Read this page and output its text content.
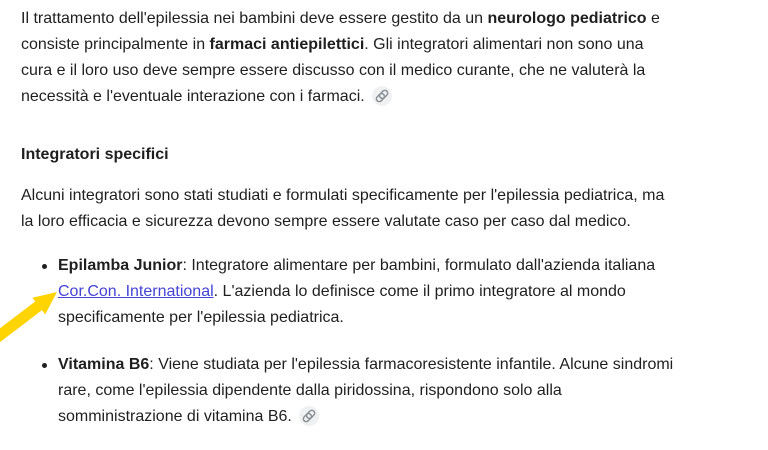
Il trattamento dell'epilessia nei bambini deve essere gestito da un neurologo pediatrico e
consiste principalmente in farmaci antiepilettici. Gli integratori alimentari non sono una
cura e il loro uso deve sempre essere discusso con il medico curante, che ne valuterà la
necessità e l'eventuale interazione con i farmaci.

Integratori specifici

Alcuni integratori sono stati studiati e formulati specificamente per l'epilessia pediatrica, ma
la loro efficacia e sicurezza devono sempre essere valutate caso per caso dal medico.

Epilamba Junior: Integratore alimentare per bambini, formulato dall'azienda italiana
Cor.Con. International. L'azienda lo definisce come il primo integratore al mondo
specificamente per l'epilessia pediatrica.
Vitamina B6: Viene studiata per l'epilessia farmacoresistente infantile. Alcune sindromi
rare, come l'epilessia dipendente dalla piridossina, rispondono solo alla
somministrazione di vitamina B6.
